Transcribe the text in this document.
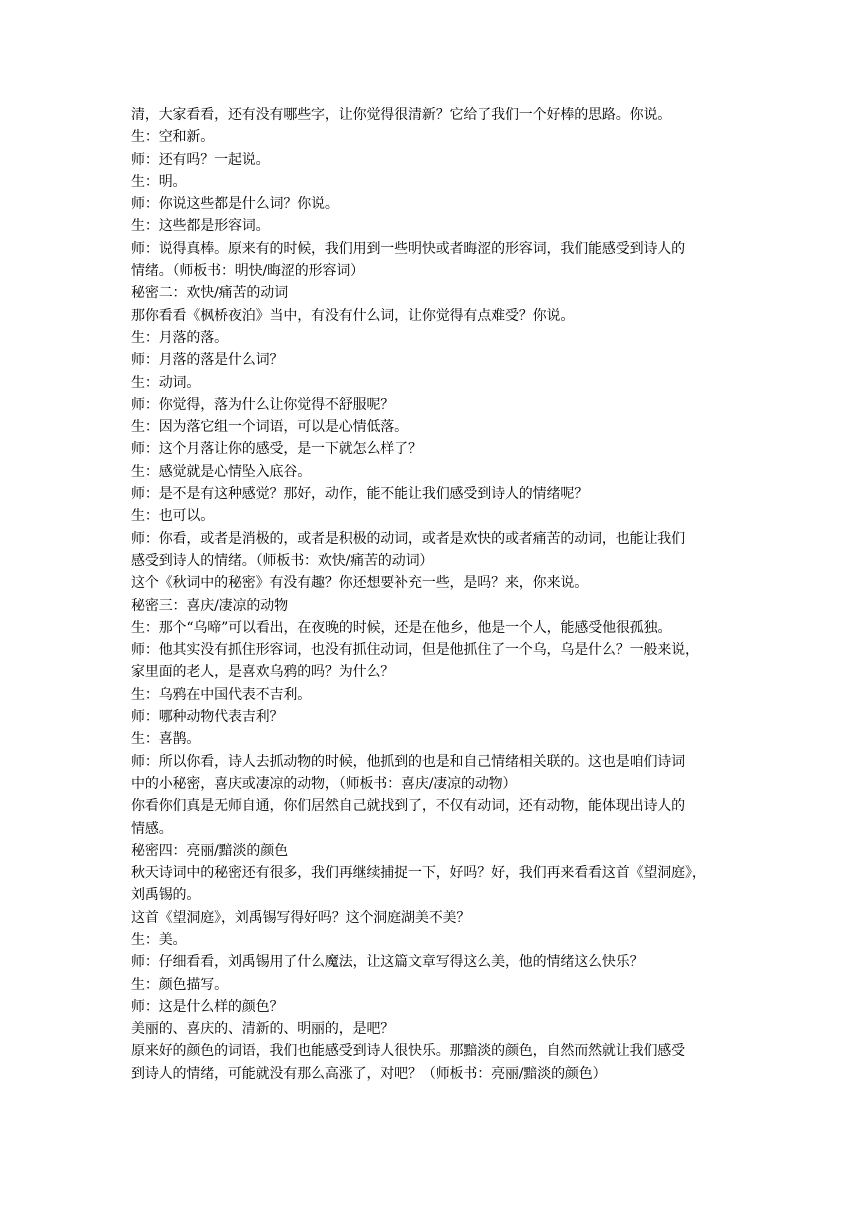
清，大家看看，还有没有哪些字，让你觉得很清新？它给了我们一个好棒的思路。你说。
生：空和新。
师：还有吗？一起说。
生：明。
师：你说这些都是什么词？你说。
生：这些都是形容词。
师：说得真棒。原来有的时候，我们用到一些明快或者晦涩的形容词，我们能感受到诗人的
情绪。（师板书：明快/晦涩的形容词）
秘密二：欢快/痛苦的动词
那你看看《枫桥夜泊》当中，有没有什么词，让你觉得有点难受？你说。
生：月落的落。
师：月落的落是什么词？
生：动词。
师：你觉得，落为什么让你觉得不舒服呢？
生：因为落它组一个词语，可以是心情低落。
师：这个月落让你的感受，是一下就怎么样了？
生：感觉就是心情坠入底谷。
师：是不是有这种感觉？那好，动作，能不能让我们感受到诗人的情绪呢？
生：也可以。
师：你看，或者是消极的，或者是积极的动词，或者是欢快的或者痛苦的动词，也能让我们
感受到诗人的情绪。（师板书：欢快/痛苦的动词）
这个《秋词中的秘密》有没有趣？你还想要补充一些，是吗？来，你来说。
秘密三：喜庆/凄凉的动物
生：那个“乌啼”可以看出，在夜晚的时候，还是在他乡，他是一个人，能感受他很孤独。
师：他其实没有抓住形容词，也没有抓住动词，但是他抓住了一个乌，乌是什么？一般来说，
家里面的老人，是喜欢乌鸦的吗？为什么？
生：乌鸦在中国代表不吉利。
师：哪种动物代表吉利？
生：喜鹊。
师：所以你看，诗人去抓动物的时候，他抓到的也是和自己情绪相关联的。这也是咱们诗词
中的小秘密，喜庆或凄凉的动物，（师板书：喜庆/凄凉的动物）
你看你们真是无师自通，你们居然自己就找到了，不仅有动词，还有动物，能体现出诗人的
情感。
秘密四：亮丽/黯淡的颜色
秋天诗词中的秘密还有很多，我们再继续捕捉一下，好吗？好，我们再来看看这首《望洞庭》，
刘禹锡的。
这首《望洞庭》，刘禹锡写得好吗？这个洞庭湖美不美？
生：美。
师：仔细看看，刘禹锡用了什么魔法，让这篇文章写得这么美，他的情绪这么快乐？
生：颜色描写。
师：这是什么样的颜色？
美丽的、喜庆的、清新的、明丽的，是吧？
原来好的颜色的词语，我们也能感受到诗人很快乐。那黯淡的颜色，自然而然就让我们感受
到诗人的情绪，可能就没有那么高涨了，对吧？（师板书：亮丽/黯淡的颜色）
